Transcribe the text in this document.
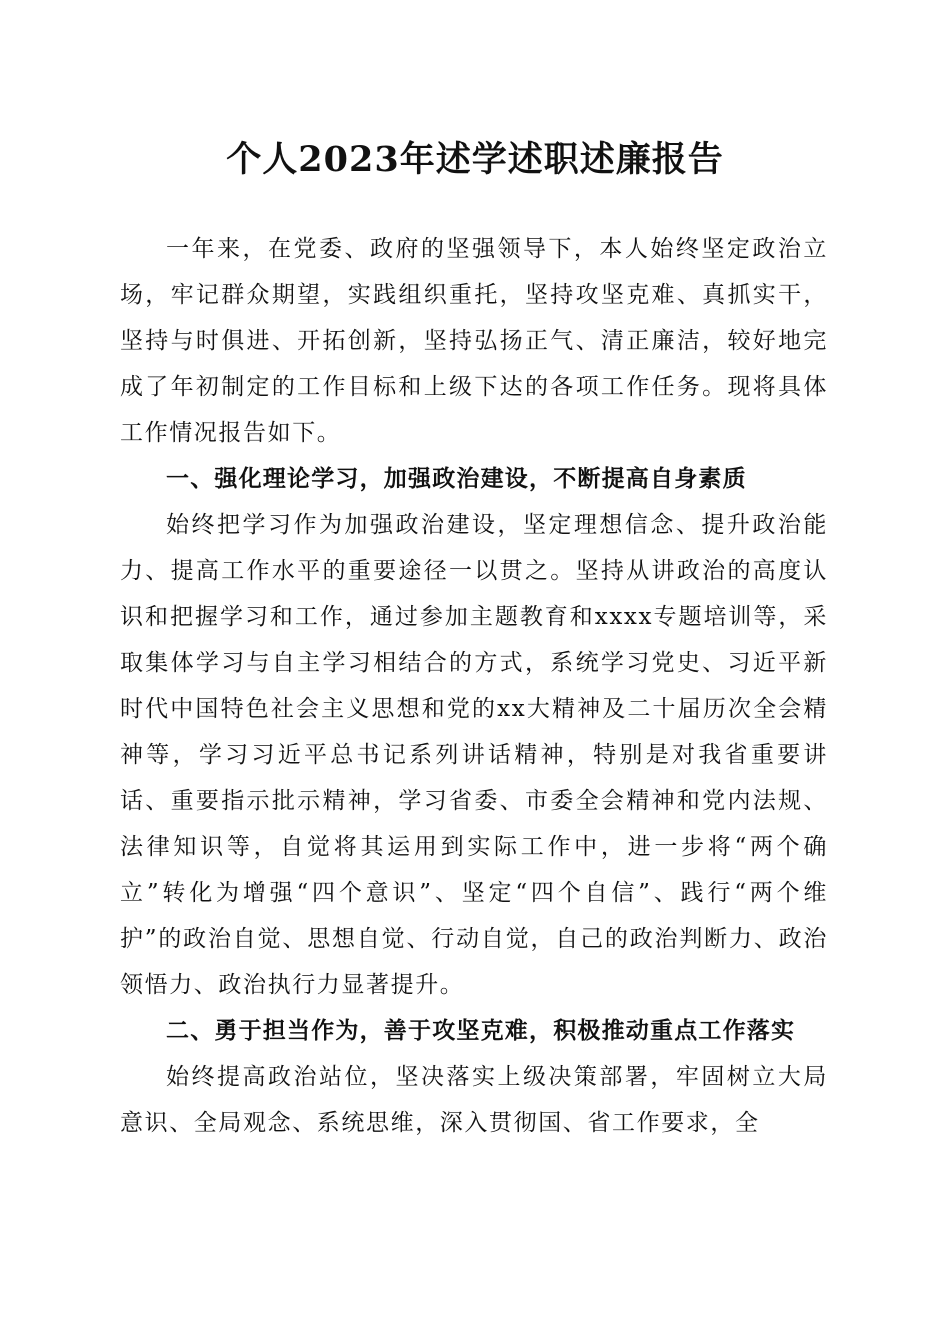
个人2023年述学述职述廉报告

一年来，在党委、政府的坚强领导下，本人始终坚定政治立场，牢记群众期望，实践组织重托，坚持攻坚克难、真抓实干，坚持与时俱进、开拓创新，坚持弘扬正气、清正廉洁，较好地完成了年初制定的工作目标和上级下达的各项工作任务。现将具体工作情况报告如下。

一、强化理论学习，加强政治建设，不断提高自身素质

始终把学习作为加强政治建设，坚定理想信念、提升政治能力、提高工作水平的重要途径一以贯之。坚持从讲政治的高度认识和把握学习和工作，通过参加主题教育和xxxx专题培训等，采取集体学习与自主学习相结合的方式，系统学习党史、习近平新时代中国特色社会主义思想和党的xx大精神及二十届历次全会精神等，学习习近平总书记系列讲话精神，特别是对我省重要讲话、重要指示批示精神，学习省委、市委全会精神和党内法规、法律知识等，自觉将其运用到实际工作中，进一步将“两个确立”转化为增强“四个意识”、坚定“四个自信”、践行“两个维护”的政治自觉、思想自觉、行动自觉，自己的政治判断力、政治领悟力、政治执行力显著提升。

二、勇于担当作为，善于攻坚克难，积极推动重点工作落实

始终提高政治站位，坚决落实上级决策部署，牢固树立大局意识、全局观念、系统思维，深入贯彻国、省工作要求，全
